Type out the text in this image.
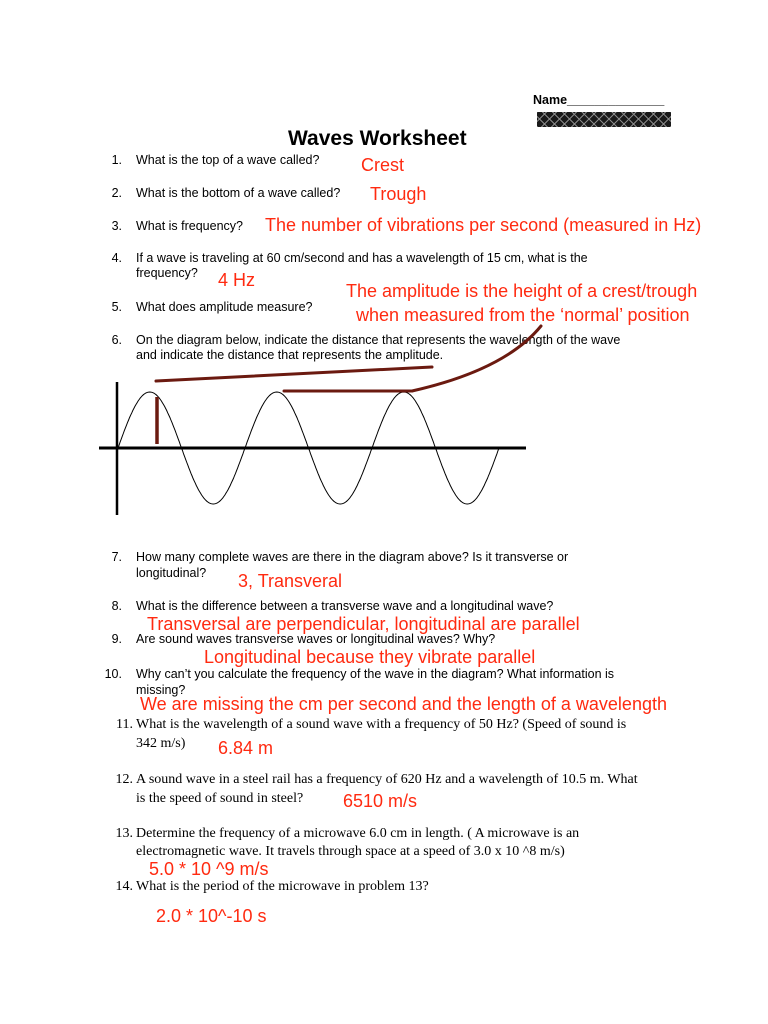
Name______________
Waves Worksheet
1. What is the top of a wave called? Crest
2. What is the bottom of a wave called? Trough
3. What is frequency? The number of vibrations per second (measured in Hz)
4. If a wave is traveling at 60 cm/second and has a wavelength of 15 cm, what is the
frequency? 4 Hz
5. What does amplitude measure?
The amplitude is the height of a crest/trough
when measured from the ‘normal’ position
6. On the diagram below, indicate the distance that represents the wavelength of the wave
and indicate the distance that represents the amplitude.
7. How many complete waves are there in the diagram above? Is it transverse or
longitudinal? 3, Transveral
8. What is the difference between a transverse wave and a longitudinal wave?
Transversal are perpendicular, longitudinal are parallel
9. Are sound waves transverse waves or longitudinal waves? Why?
Longitudinal because they vibrate parallel
10. Why can’t you calculate the frequency of the wave in the diagram? What information is
missing?
We are missing the cm per second and the length of a wavelength
11. What is the wavelength of a sound wave with a frequency of 50 Hz? (Speed of sound is
342 m/s) 6.84 m
12. A sound wave in a steel rail has a frequency of 620 Hz and a wavelength of 10.5 m. What
is the speed of sound in steel? 6510 m/s
13. Determine the frequency of a microwave 6.0 cm in length. ( A microwave is an
electromagnetic wave. It travels through space at a speed of 3.0 x 10 ^8 m/s)
5.0 * 10 ^9 m/s
14. What is the period of the microwave in problem 13?
2.0 * 10^-10 s
